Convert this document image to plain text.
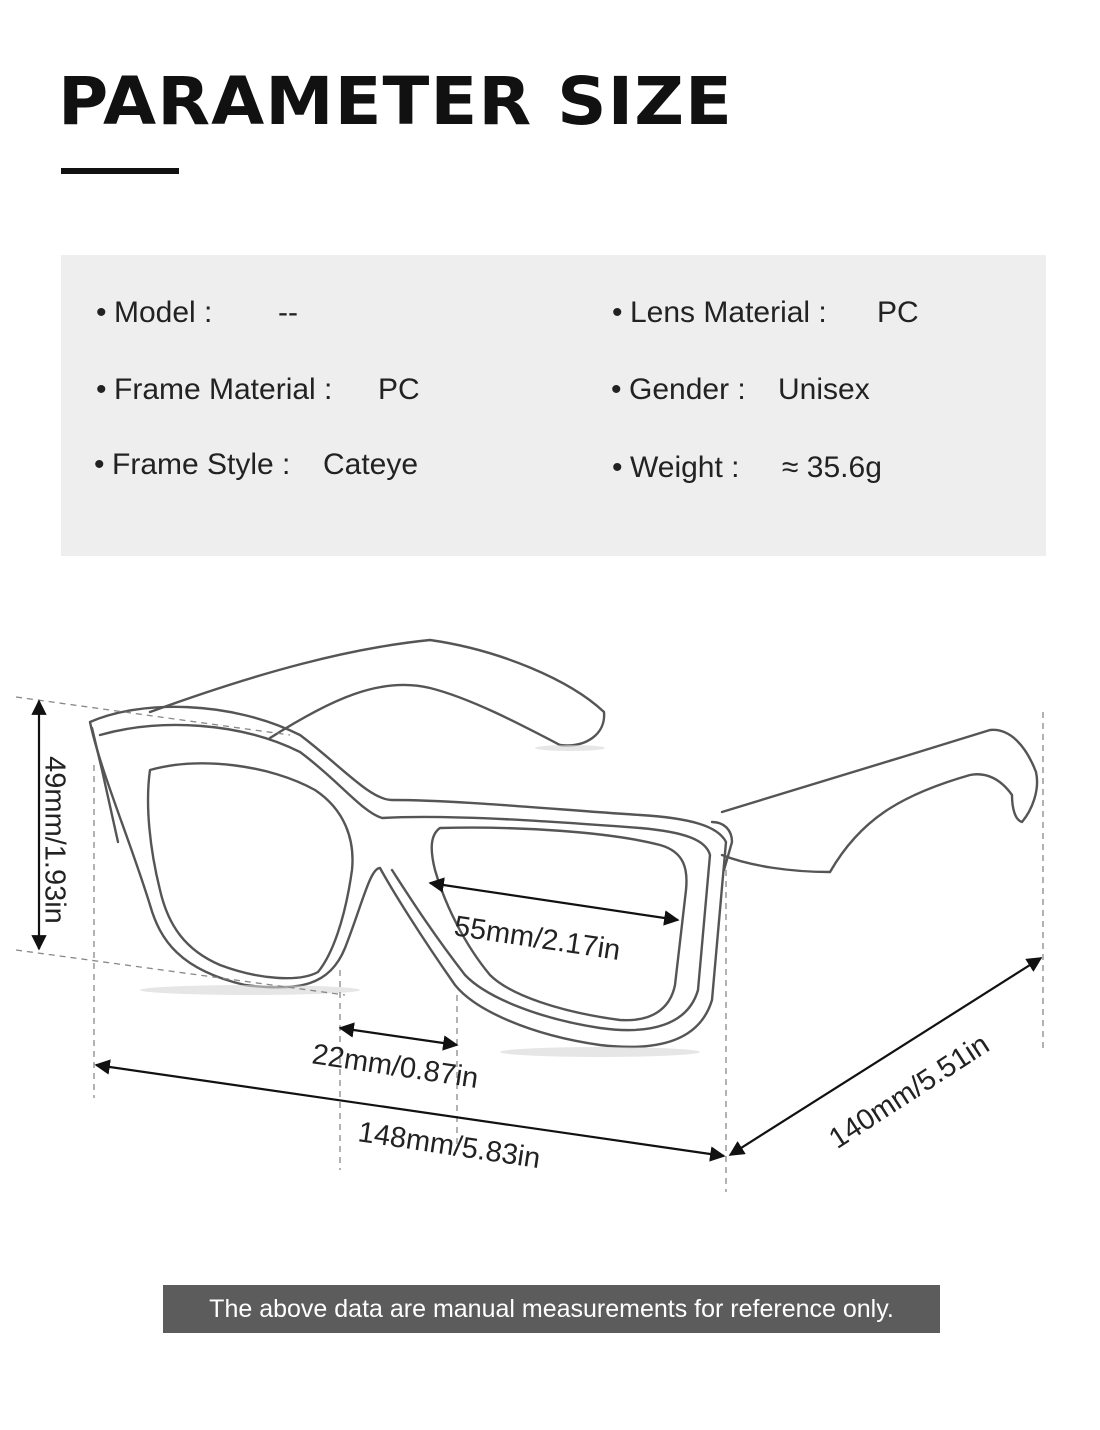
PARAMETER SIZE
• Model : --
• Frame Material : PC
• Frame Style : Cateye
• Lens Material : PC
• Gender : Unisex
• Weight : ≈ 35.6g
49mm/1.93in
55mm/2.17in
22mm/0.87in
148mm/5.83in	140mm/5.51in
The above data are manual measurements for reference only.
